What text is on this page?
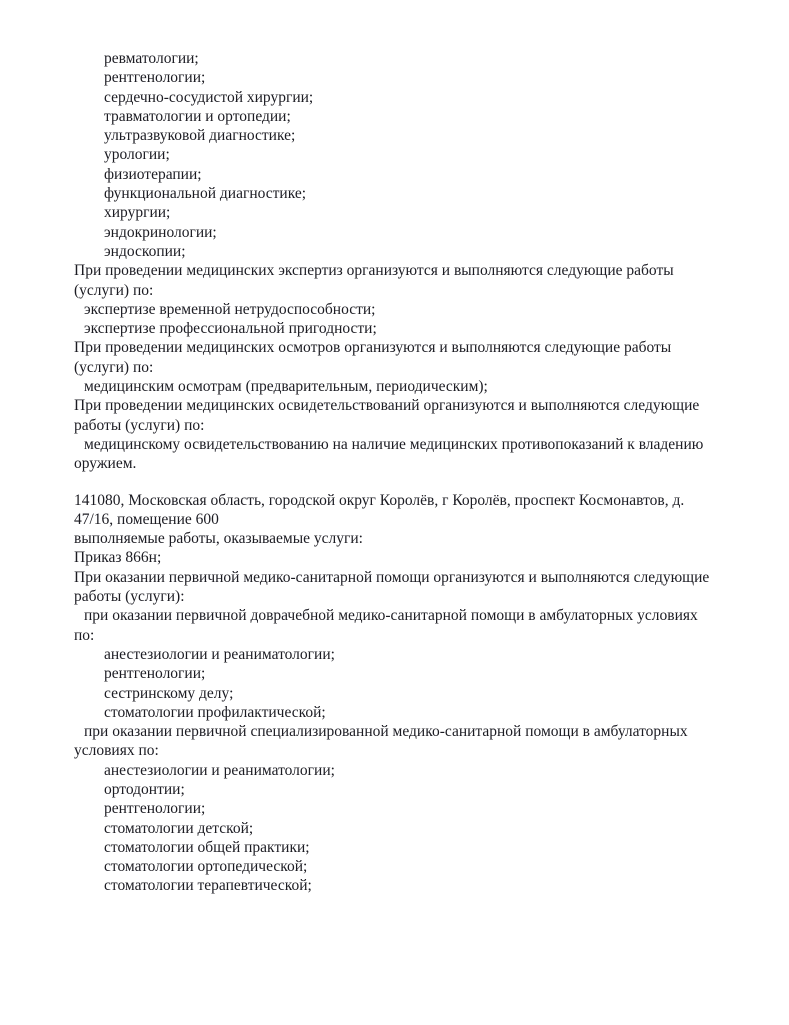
ревматологии;
рентгенологии;
сердечно-сосудистой хирургии;
травматологии и ортопедии;
ультразвуковой диагностике;
урологии;
физиотерапии;
функциональной диагностике;
хирургии;
эндокринологии;
эндоскопии;
При проведении медицинских экспертиз организуются и выполняются следующие работы
(услуги) по:
экспертизе временной нетрудоспособности;
экспертизе профессиональной пригодности;
При проведении медицинских осмотров организуются и выполняются следующие работы
(услуги) по:
медицинским осмотрам (предварительным, периодическим);
При проведении медицинских освидетельствований организуются и выполняются следующие
работы (услуги) по:
медицинскому освидетельствованию на наличие медицинских противопоказаний к владению
оружием.
141080, Московская область, городской округ Королёв, г Королёв, проспект Космонавтов, д.
47/16, помещение 600
выполняемые работы, оказываемые услуги:
Приказ 866н;
При оказании первичной медико-санитарной помощи организуются и выполняются следующие
работы (услуги):
при оказании первичной доврачебной медико-санитарной помощи в амбулаторных условиях
по:
анестезиологии и реаниматологии;
рентгенологии;
сестринскому делу;
стоматологии профилактической;
при оказании первичной специализированной медико-санитарной помощи в амбулаторных
условиях по:
анестезиологии и реаниматологии;
ортодонтии;
рентгенологии;
стоматологии детской;
стоматологии общей практики;
стоматологии ортопедической;
стоматологии терапевтической;
